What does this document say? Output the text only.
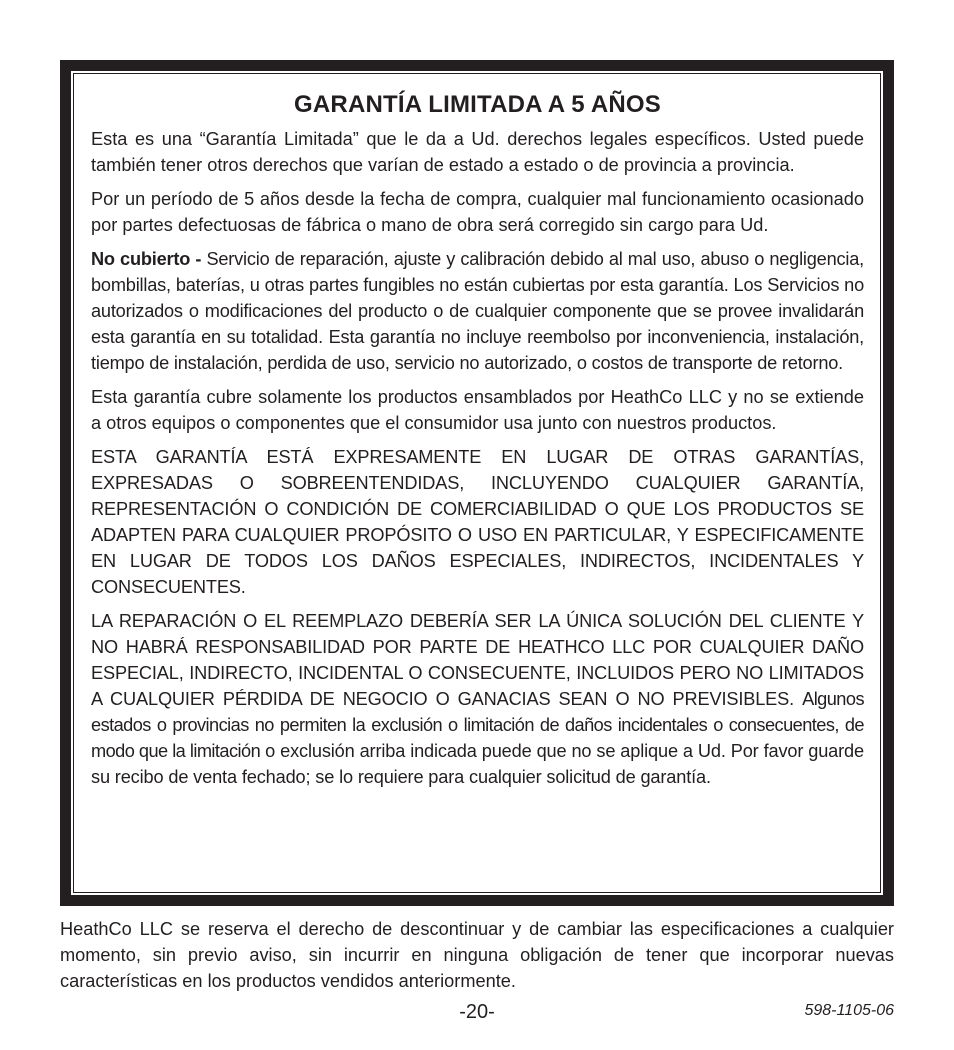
GARANTÍA LIMITADA A 5 AÑOS

Esta es una “Garantía Limitada” que le da a Ud. derechos legales específicos. Usted puede también tener otros derechos que varían de estado a estado o de provincia a provincia.

Por un período de 5 años desde la fecha de compra, cualquier mal funcionamiento ocasionado por partes defectuosas de fábrica o mano de obra será corregido sin cargo para Ud.

No cubierto - Servicio de reparación, ajuste y calibración debido al mal uso, abuso o negligencia, bombillas, baterías, u otras partes fungibles no están cubiertas por esta garantía. Los Servicios no autorizados o modificaciones del producto o de cualquier componente que se provee invalidarán esta garantía en su totalidad. Esta garantía no incluye reembolso por inconveniencia, instalación, tiempo de instalación, perdida de uso, servicio no autorizado, o costos de transporte de retorno.

Esta garantía cubre solamente los productos ensamblados por HeathCo LLC y no se extiende a otros equipos o componentes que el consumidor usa junto con nuestros productos.

ESTA GARANTÍA ESTÁ EXPRESAMENTE EN LUGAR DE OTRAS GARANTÍAS, EXPRESADAS O SOBREENTENDIDAS, INCLUYENDO CUALQUIER GARANTÍA, REPRESENTACIÓN O CONDICIÓN DE COMERCIABILIDAD O QUE LOS PRODUCTOS SE ADAPTEN PARA CUALQUIER PROPÓSITO O USO EN PARTICULAR, Y ESPECIFICAMENTE EN LUGAR DE TODOS LOS DAÑOS ESPECIALES, INDIRECTOS, INCIDENTALES Y CONSECUENTES.

LA REPARACIÓN O EL REEMPLAZO DEBERÍA SER LA ÚNICA SOLUCIÓN DEL CLIENTE Y NO HABRÁ RESPONSABILIDAD POR PARTE DE HEATHCO LLC POR CUALQUIER DAÑO ESPECIAL, INDIRECTO, INCIDENTAL O CONSECUENTE, INCLUIDOS PERO NO LIMITADOS A CUALQUIER PÉRDIDA DE NEGOCIO O GANACIAS SEAN O NO PREVISIBLES. Algunos estados o provincias no permiten la exclusión o limitación de daños incidentales o consecuentes, de modo que la limitación o exclusión arriba indicada puede que no se aplique a Ud. Por favor guarde su recibo de venta fechado; se lo requiere para cualquier solicitud de garantía.

HeathCo LLC se reserva el derecho de descontinuar y de cambiar las especificaciones a cualquier momento, sin previo aviso, sin incurrir en ninguna obligación de tener que incorporar nuevas características en los productos vendidos anteriormente.

-20-	598-1105-06
